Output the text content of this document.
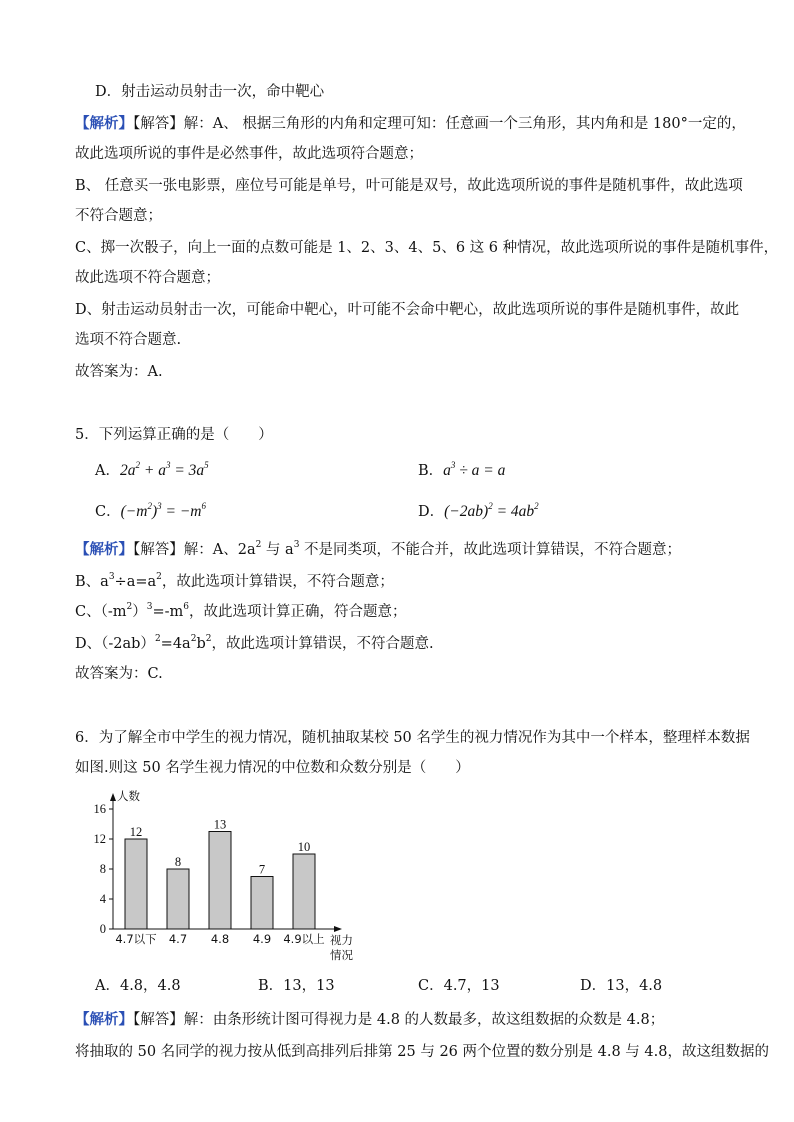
D．射击运动员射击一次，命中靶心
【解析】【解答】解：A、 根据三角形的内角和定理可知：任意画一个三角形，其内角和是 180°一定的，
故此选项所说的事件是必然事件，故此选项符合题意；
B、 任意买一张电影票，座位号可能是单号，叶可能是双号，故此选项所说的事件是随机事件，故此选项
不符合题意；
C、掷一次骰子，向上一面的点数可能是 1、2、3、4、5、6 这 6 种情况，故此选项所说的事件是随机事件，
故此选项不符合题意；
D、射击运动员射击一次，可能命中靶心，叶可能不会命中靶心，故此选项所说的事件是随机事件，故此
选项不符合题意.
故答案为：A.
5．下列运算正确的是（　　）
A．$2a^2 + a^3 = 3a^5$	B．$a^3 \div a = a$
C．$(-m^2)^3 = -m^6$	D．$(-2ab)^2 = 4ab^2$
【解析】【解答】解：A、$2a^2$ 与 $a^3$ 不是同类项，不能合并，故此选项计算错误，不符合题意；
B、$a^3\div a=a^2$，故此选项计算错误，不符合题意；
C、$(-m^2)^3=-m^6$，故此选项计算正确，符合题意；
D、$(-2ab)^2=4a^2b^2$，故此选项计算错误，不符合题意.
故答案为：C.
6．为了解全市中学生的视力情况，随机抽取某校 50 名学生的视力情况作为其中一个样本，整理样本数据
如图.则这 50 名学生视力情况的中位数和众数分别是（　　）
0
4
8
12
16
人数
12
4.7以下
8
4.7
13
4.8
7
4.9
10
4.9以上 视力
情况
A．4.8，4.8	B．13，13	C．4.7，13	D．13，4.8
【解析】【解答】解：由条形统计图可得视力是 4.8 的人数最多，故这组数据的众数是 4.8；
将抽取的 50 名同学的视力按从低到高排列后排第 25 与 26 两个位置的数分别是 4.8 与 4.8，故这组数据的
